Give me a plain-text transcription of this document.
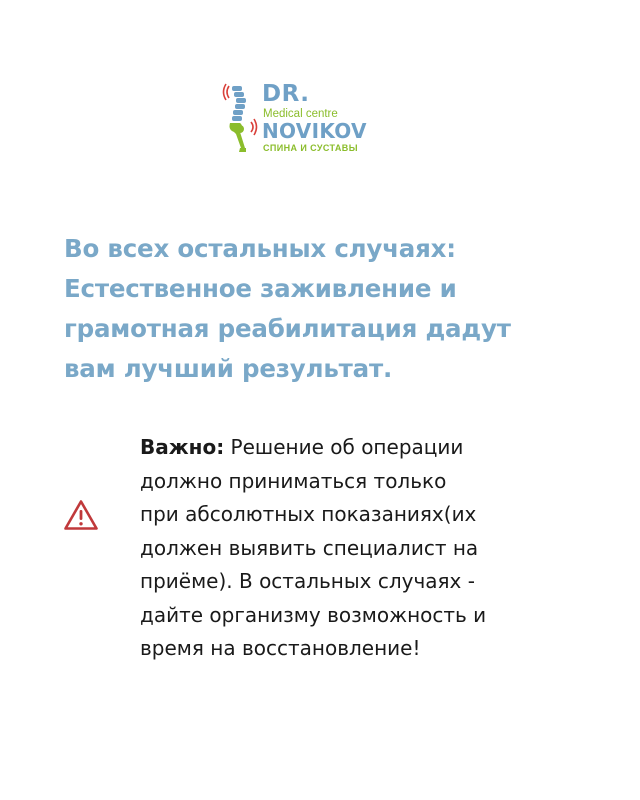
DR.
Medical centre
NOVIKOV
СПИНА И СУСТАВЫ
Во всех остальных случаях:
Естественное заживление и
грамотная реабилитация дадут
вам лучший результат.
Важно: Решение об операции
должно приниматься только
при абсолютных показаниях(их
должен выявить специалист на
приёме). В остальных случаях -
дайте организму возможность и
время на восстановление!
